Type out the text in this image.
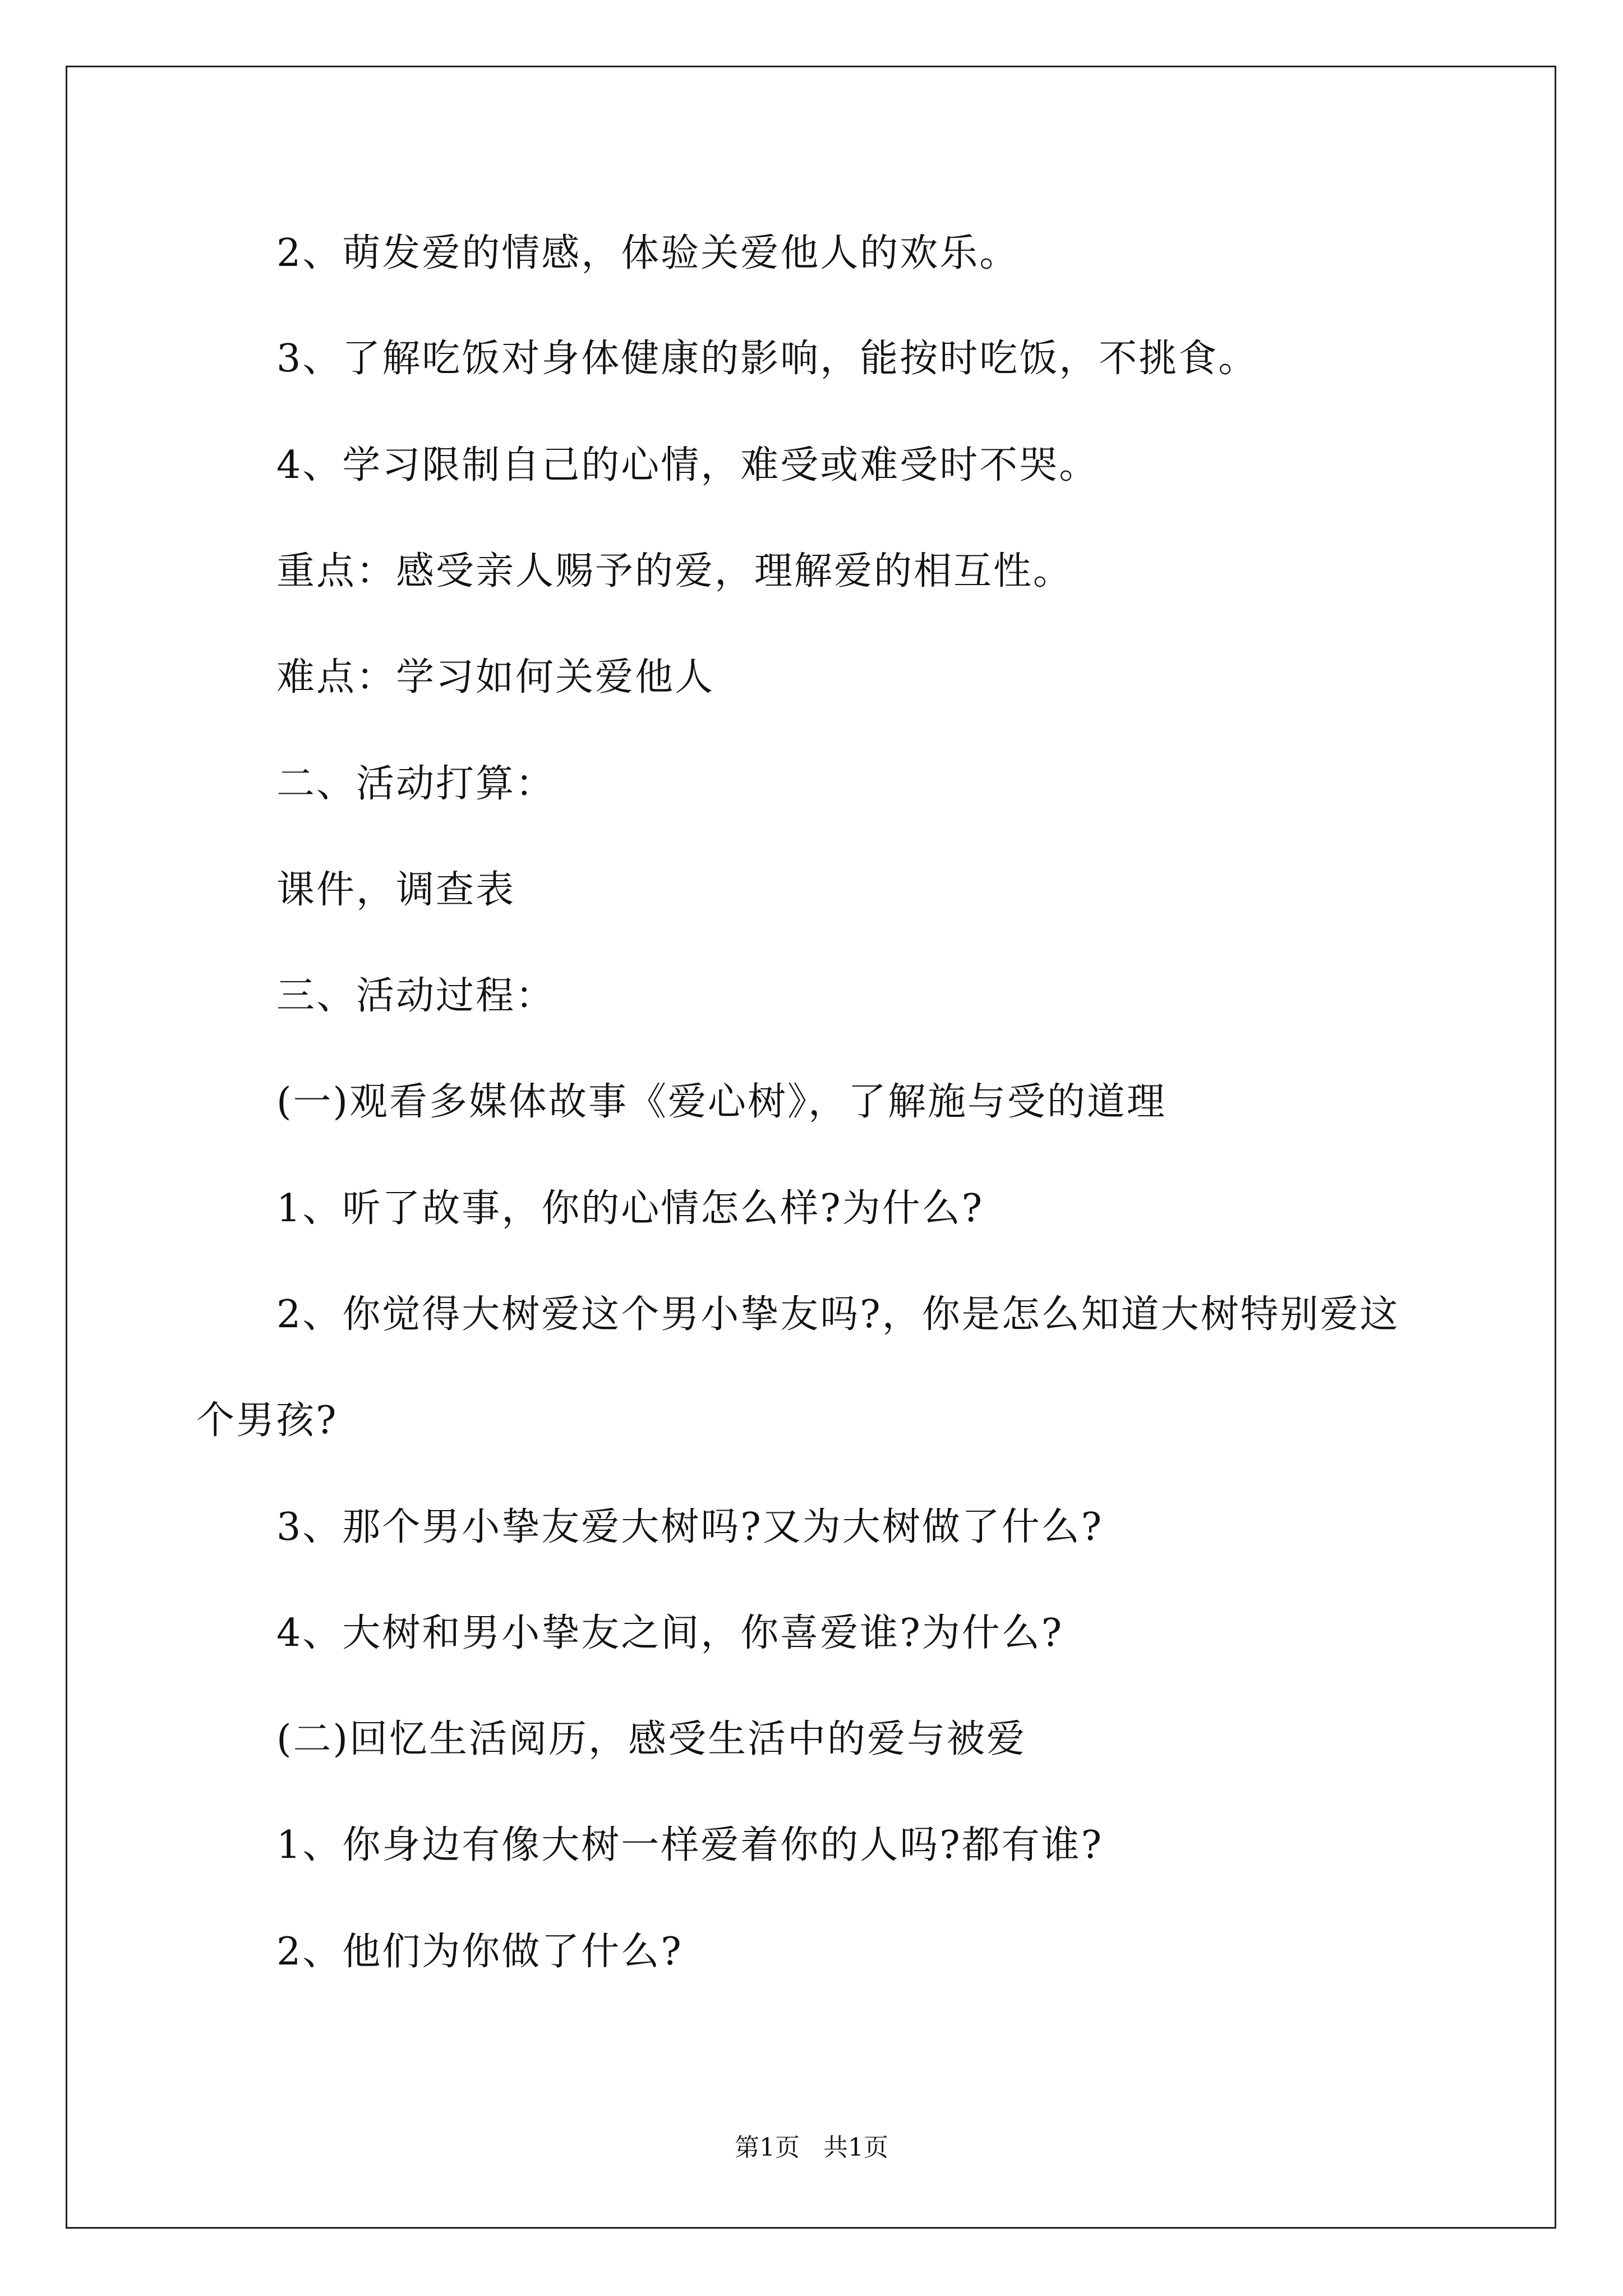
2、萌发爱的情感，体验关爱他人的欢乐。
3、了解吃饭对身体健康的影响，能按时吃饭，不挑食。
4、学习限制自己的心情，难受或难受时不哭。
重点：感受亲人赐予的爱，理解爱的相互性。
难点：学习如何关爱他人
二、活动打算：
课件，调查表
三、活动过程：
(一)观看多媒体故事《爱心树》，了解施与受的道理
1、听了故事，你的心情怎么样?为什么?
2、你觉得大树爱这个男小挚友吗?，你是怎么知道大树特别爱这
个男孩?
3、那个男小挚友爱大树吗?又为大树做了什么?
4、大树和男小挚友之间，你喜爱谁?为什么?
(二)回忆生活阅历，感受生活中的爱与被爱
1、你身边有像大树一样爱着你的人吗?都有谁?
2、他们为你做了什么?
第1页   共1页
